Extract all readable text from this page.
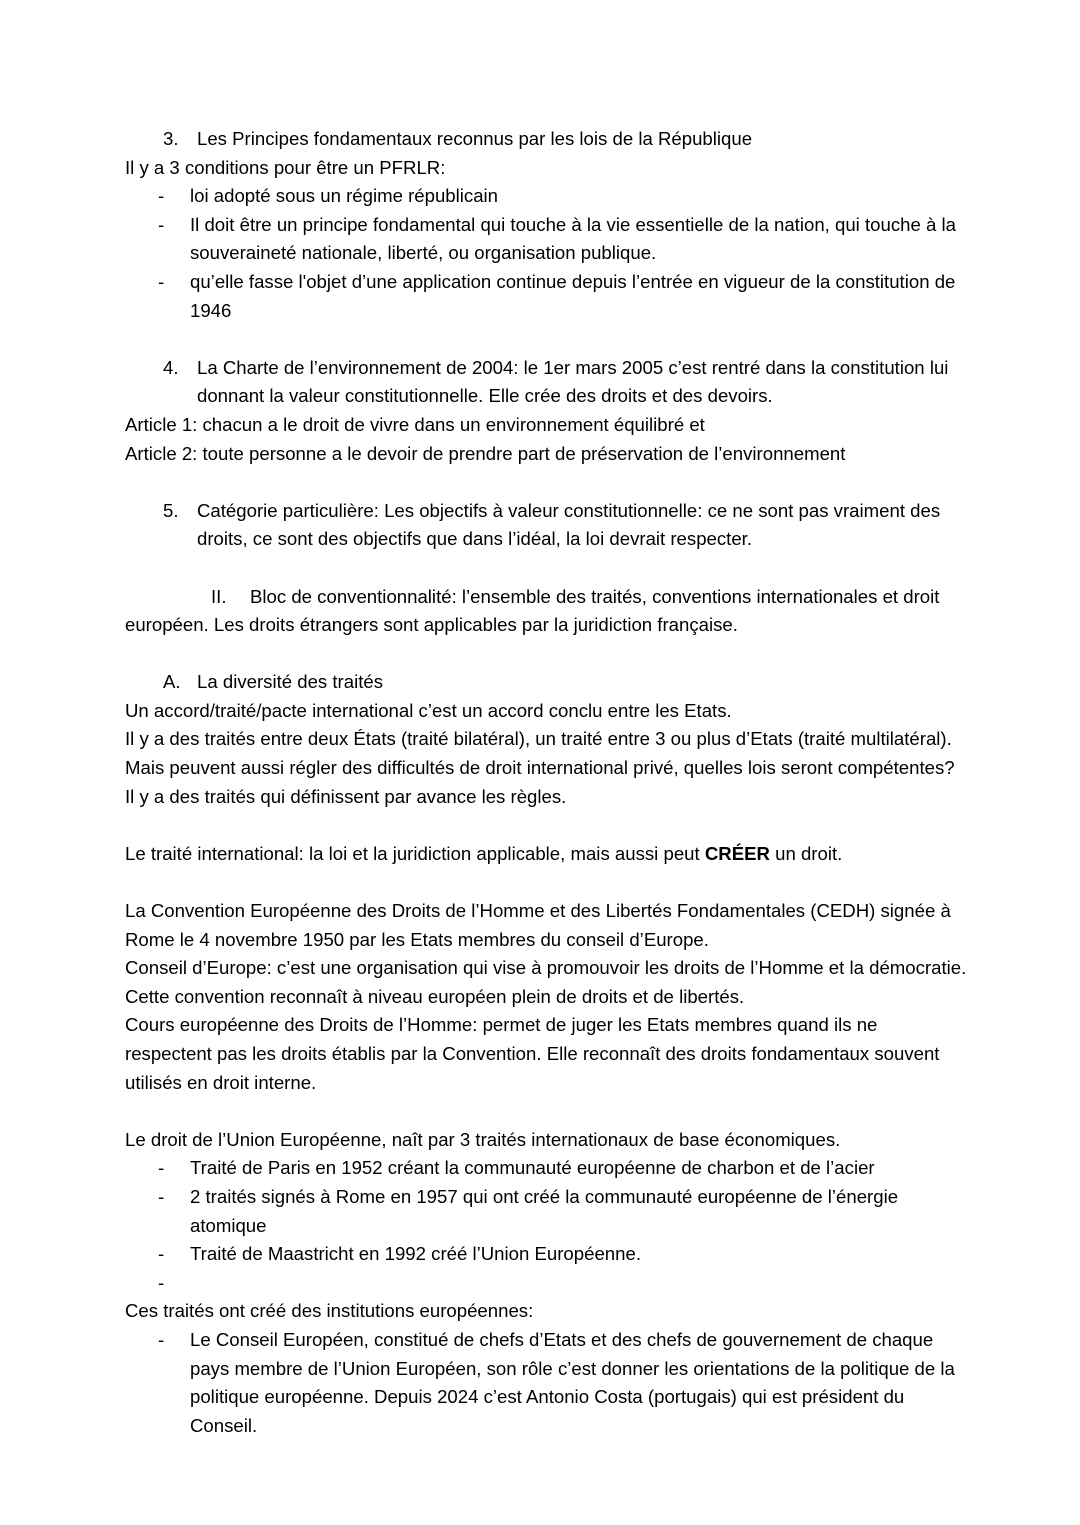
3. Les Principes fondamentaux reconnus par les lois de la République

Il y a 3 conditions pour être un PFRLR:

-	loi adopté sous un régime républicain
-	Il doit être un principe fondamental qui touche à la vie essentielle de la nation, qui touche à la souveraineté nationale, liberté, ou organisation publique.
-	qu’elle fasse l'objet d’une application continue depuis l’entrée en vigueur de la constitution de 1946
4. La Charte de l’environnement de 2004: le 1er mars 2005 c’est rentré dans la constitution lui donnant la valeur constitutionnelle. Elle crée des droits et des devoirs.

Article 1: chacun a le droit de vivre dans un environnement équilibré et

Article 2: toute personne a le devoir de prendre part de préservation de l’environnement

5. Catégorie particulière: Les objectifs à valeur constitutionnelle: ce ne sont pas vraiment des droits, ce sont des objectifs que dans l’idéal, la loi devrait respecter.

II. Bloc de conventionnalité: l’ensemble des traités, conventions internationales et droit européen. Les droits étrangers sont applicables par la juridiction française.

A. La diversité des traités

Un accord/traité/pacte international c’est un accord conclu entre les Etats.

Il y a des traités entre deux États (traité bilatéral), un traité entre 3 ou plus d’Etats (traité multilatéral).

Mais peuvent aussi régler des difficultés de droit international privé, quelles lois seront compétentes? Il y a des traités qui définissent par avance les règles.

Le traité international: la loi et la juridiction applicable, mais aussi peut CRÉER un droit.

La Convention Européenne des Droits de l’Homme et des Libertés Fondamentales (CEDH) signée à Rome le 4 novembre 1950 par les Etats membres du conseil d’Europe.

Conseil d’Europe: c’est une organisation qui vise à promouvoir les droits de l’Homme et la démocratie. Cette convention reconnaît à niveau européen plein de droits et de libertés.

Cours européenne des Droits de l’Homme: permet de juger les Etats membres quand ils ne respectent pas les droits établis par la Convention. Elle reconnaît des droits fondamentaux souvent utilisés en droit interne.

Le droit de l’Union Européenne, naît par 3 traités internationaux de base économiques.

-	Traité de Paris en 1952 créant la communauté européenne de charbon et de l’acier
-	2 traités signés à Rome en 1957 qui ont créé la communauté européenne de l’énergie atomique
-	Traité de Maastricht en 1992 créé l’Union Européenne.
-

Ces traités ont créé des institutions européennes:

-	Le Conseil Européen, constitué de chefs d’Etats et des chefs de gouvernement de chaque pays membre de l’Union Européen, son rôle c’est donner les orientations de la politique de la politique européenne. Depuis 2024 c’est Antonio Costa (portugais) qui est président du Conseil.
